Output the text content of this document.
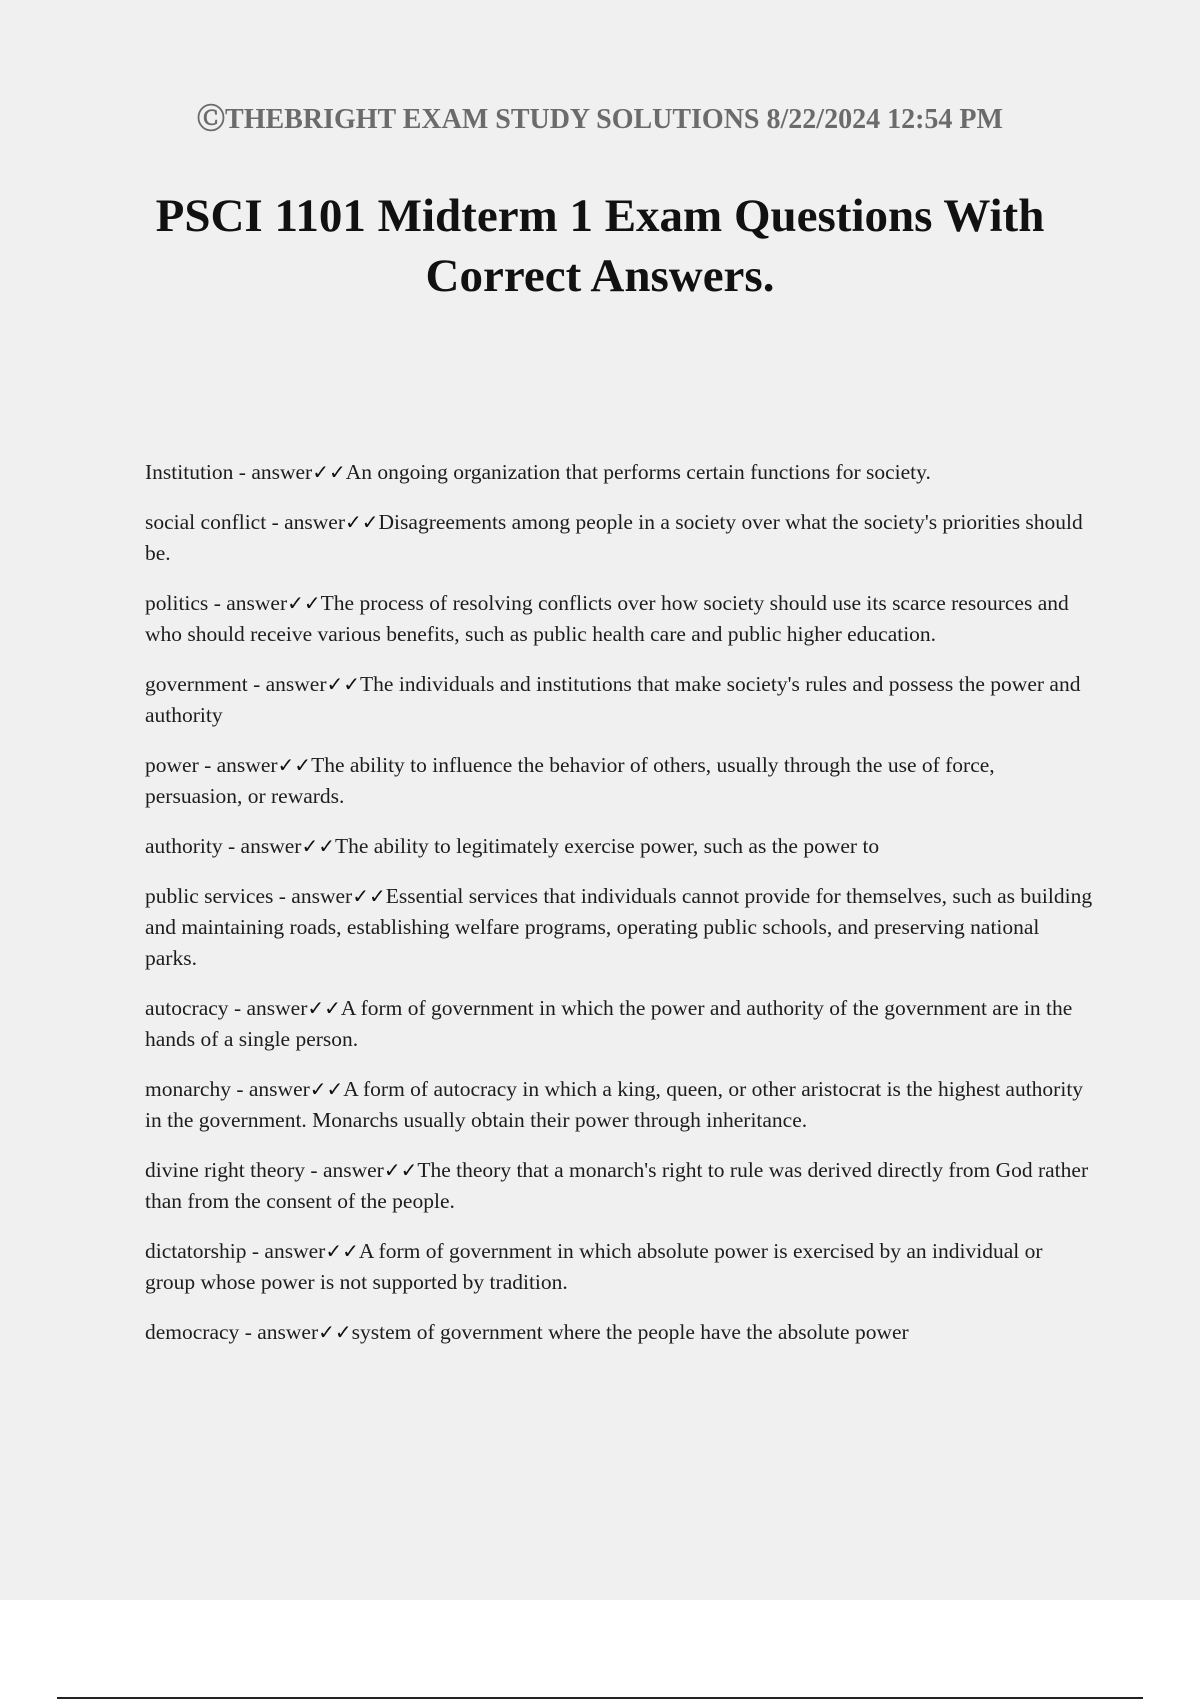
ⒸTHEBRIGHT EXAM STUDY SOLUTIONS 8/22/2024 12:54 PM
PSCI 1101 Midterm 1 Exam Questions With Correct Answers.

Institution - answer✓✓An ongoing organization that performs certain functions for society.

social conflict - answer✓✓Disagreements among people in a society over what the society's priorities should be.

politics - answer✓✓The process of resolving conflicts over how society should use its scarce resources and who should receive various benefits, such as public health care and public higher education.

government - answer✓✓The individuals and institutions that make society's rules and possess the power and authority

power - answer✓✓The ability to influence the behavior of others, usually through the use of force, persuasion, or rewards.

authority - answer✓✓The ability to legitimately exercise power, such as the power to

public services - answer✓✓Essential services that individuals cannot provide for themselves, such as building and maintaining roads, establishing welfare programs, operating public schools, and preserving national parks.

autocracy - answer✓✓A form of government in which the power and authority of the government are in the hands of a single person.

monarchy - answer✓✓A form of autocracy in which a king, queen, or other aristocrat is the highest authority in the government. Monarchs usually obtain their power through inheritance.

divine right theory - answer✓✓The theory that a monarch's right to rule was derived directly from God rather than from the consent of the people.

dictatorship - answer✓✓A form of government in which absolute power is exercised by an individual or group whose power is not supported by tradition.

democracy - answer✓✓system of government where the people have the absolute power
